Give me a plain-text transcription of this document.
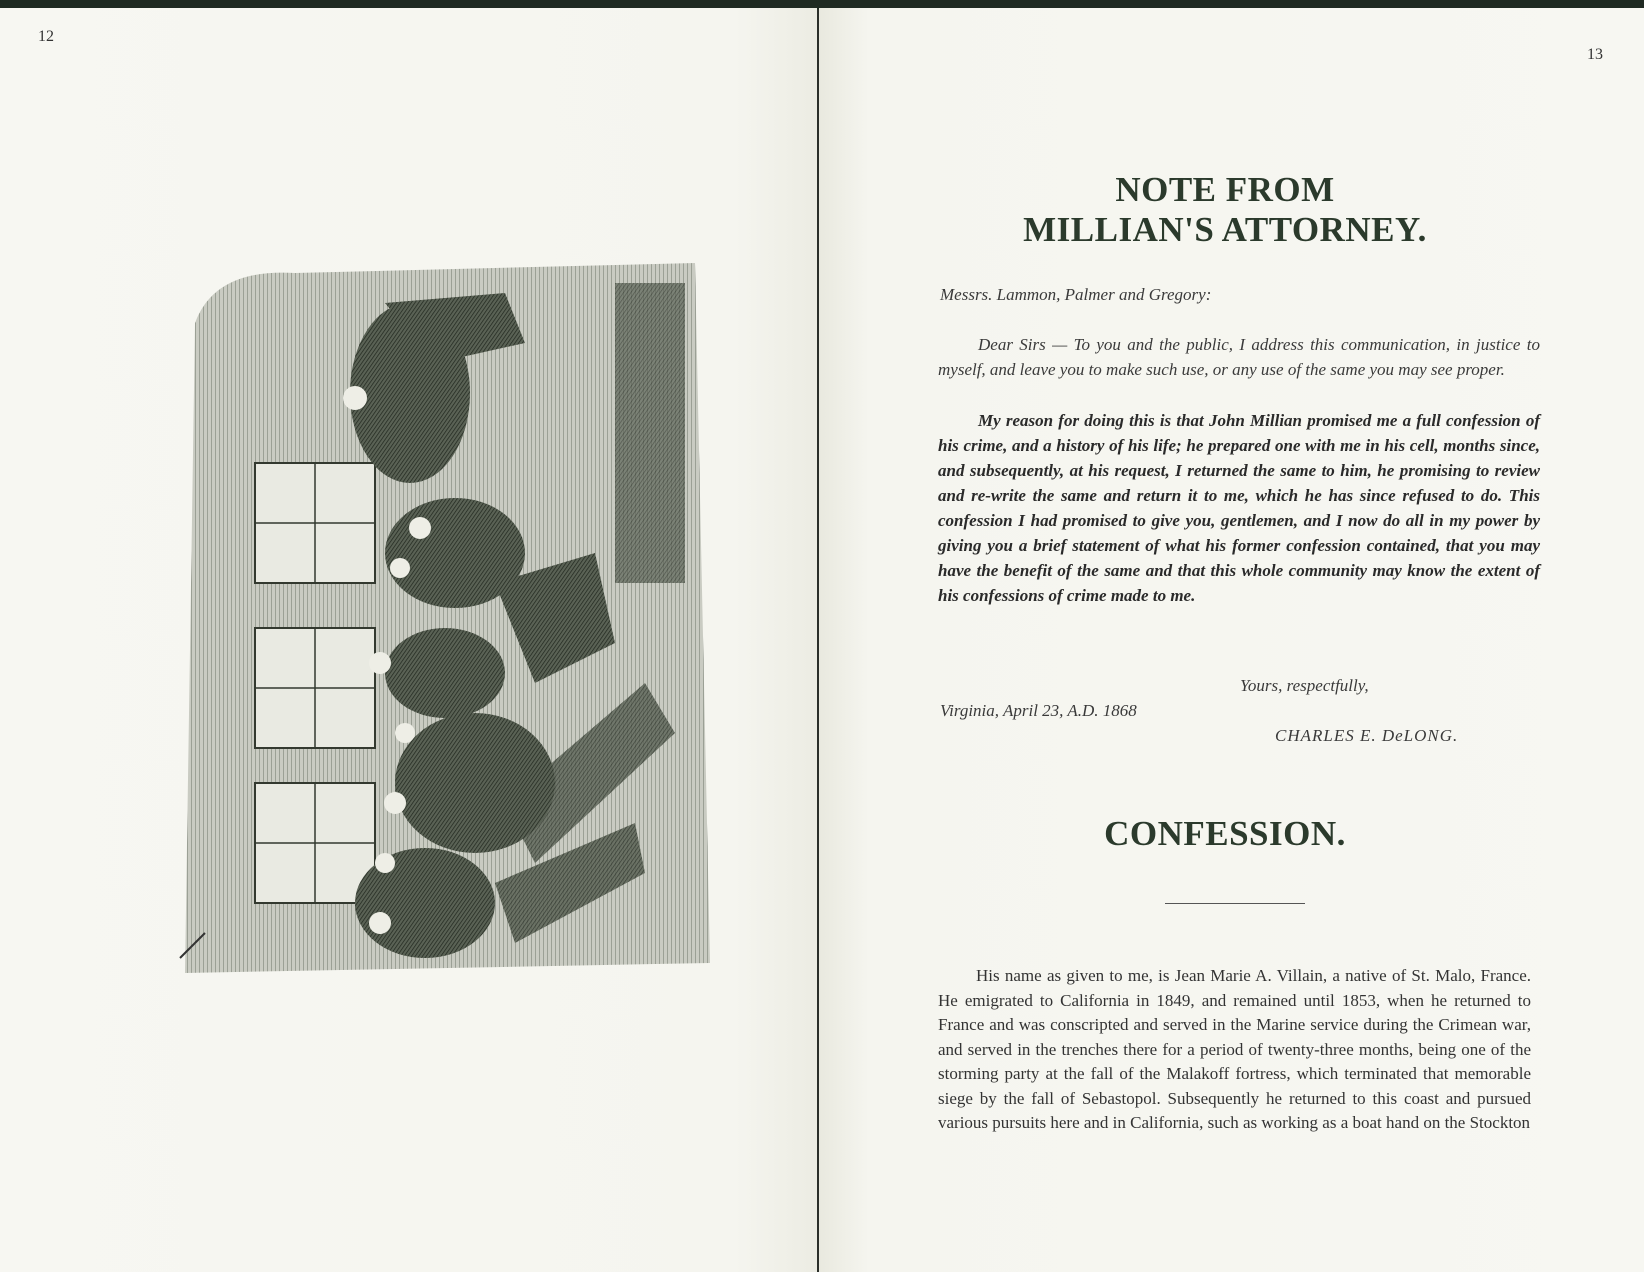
12
13
NOTE FROM
MILLIAN'S ATTORNEY.
Messrs. Lammon, Palmer and Gregory:
Dear Sirs — To you and the public, I address this communication, in justice to myself, and leave you to make such use, or any use of the same you may see proper.
My reason for doing this is that John Millian promised me a full confession of his crime, and a history of his life; he prepared one with me in his cell, months since, and subsequently, at his request, I returned the same to him, he promising to review and re-write the same and return it to me, which he has since refused to do. This confession I had promised to give you, gentlemen, and I now do all in my power by giving you a brief statement of what his former confession contained, that you may have the benefit of the same and that this whole community may know the extent of his confessions of crime made to me.
Yours, respectfully,
Virginia, April 23, A.D. 1868
CHARLES E. DeLONG.
CONFESSION.
His name as given to me, is Jean Marie A. Villain, a native of St. Malo, France. He emigrated to California in 1849, and remained until 1853, when he returned to France and was conscripted and served in the Marine service during the Crimean war, and served in the trenches there for a period of twenty-three months, being one of the storming party at the fall of the Malakoff fortress, which terminated that memorable siege by the fall of Sebastopol. Subsequently he returned to this coast and pursued various pursuits here and in California, such as working as a boat hand on the Stockton
